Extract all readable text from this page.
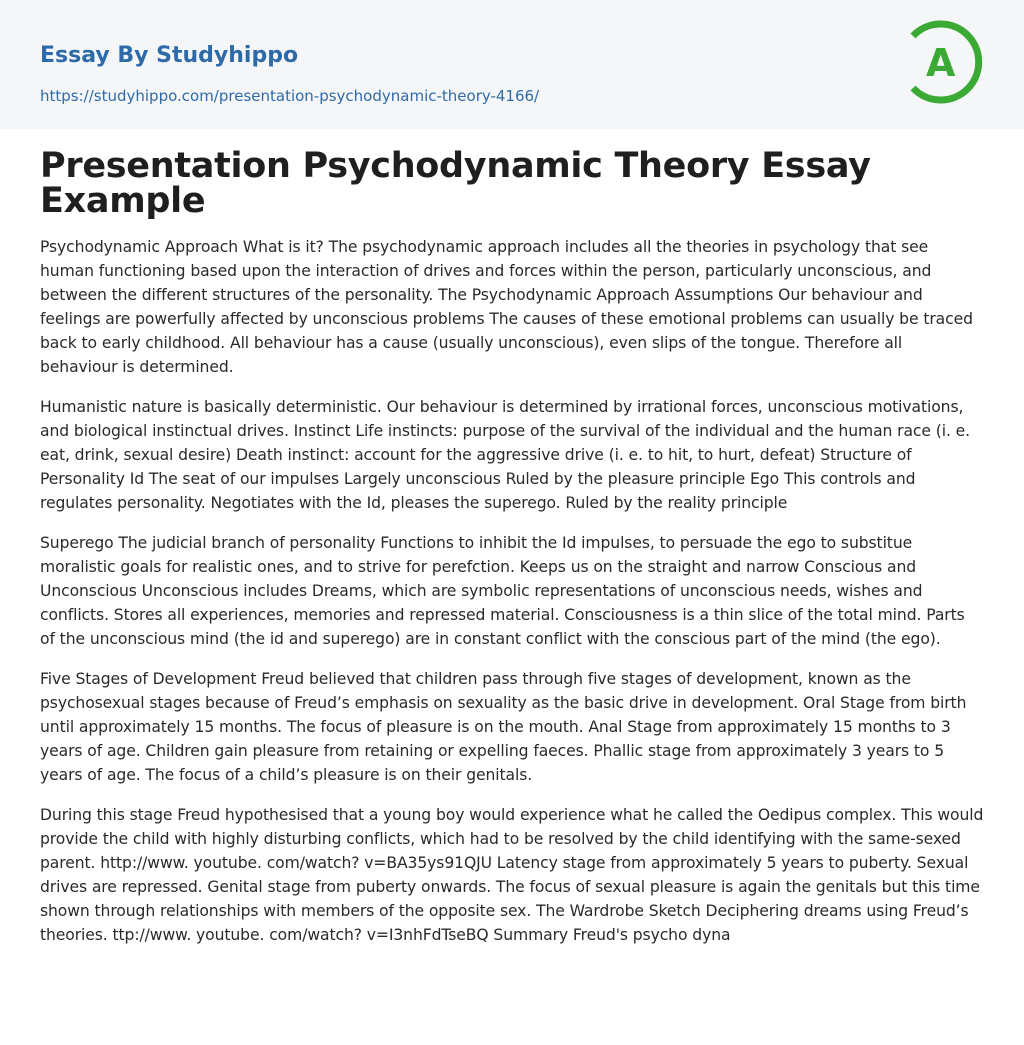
Essay By Studyhippo
https://studyhippo.com/presentation-psychodynamic-theory-4166/
A
Presentation Psychodynamic Theory Essay Example

Psychodynamic Approach What is it? The psychodynamic approach includes all the theories in psychology that see human functioning based upon the interaction of drives and forces within the person, particularly unconscious, and between the different structures of the personality. The Psychodynamic Approach Assumptions Our behaviour and feelings are powerfully affected by unconscious problems The causes of these emotional problems can usually be traced back to early childhood. All behaviour has a cause (usually unconscious), even slips of the tongue. Therefore all behaviour is determined.

Humanistic nature is basically deterministic. Our behaviour is determined by irrational forces, unconscious motivations, and biological instinctual drives. Instinct Life instincts: purpose of the survival of the individual and the human race (i. e. eat, drink, sexual desire) Death instinct: account for the aggressive drive (i. e. to hit, to hurt, defeat) Structure of Personality Id The seat of our impulses Largely unconscious Ruled by the pleasure principle Ego This controls and regulates personality. Negotiates with the Id, pleases the superego. Ruled by the reality principle

Superego The judicial branch of personality Functions to inhibit the Id impulses, to persuade the ego to substitue moralistic goals for realistic ones, and to strive for perefction. Keeps us on the straight and narrow Conscious and Unconscious Unconscious includes Dreams, which are symbolic representations of unconscious needs, wishes and conflicts. Stores all experiences, memories and repressed material. Consciousness is a thin slice of the total mind. Parts of the unconscious mind (the id and superego) are in constant conflict with the conscious part of the mind (the ego).

Five Stages of Development Freud believed that children pass through five stages of development, known as the psychosexual stages because of Freud’s emphasis on sexuality as the basic drive in development. Oral Stage from birth until approximately 15 months. The focus of pleasure is on the mouth. Anal Stage from approximately 15 months to 3 years of age. Children gain pleasure from retaining or expelling faeces. Phallic stage from approximately 3 years to 5 years of age. The focus of a child’s pleasure is on their genitals.

During this stage Freud hypothesised that a young boy would experience what he called the Oedipus complex. This would provide the child with highly disturbing conflicts, which had to be resolved by the child identifying with the same-sexed parent. http://www. youtube. com/watch? v=BA35ys91QJU Latency stage from approximately 5 years to puberty. Sexual drives are repressed. Genital stage from puberty onwards. The focus of sexual pleasure is again the genitals but this time shown through relationships with members of the opposite sex. The Wardrobe Sketch Deciphering dreams using Freud’s theories. ttp://www. youtube. com/watch? v=I3nhFdTseBQ Summary Freud's psycho dyna
